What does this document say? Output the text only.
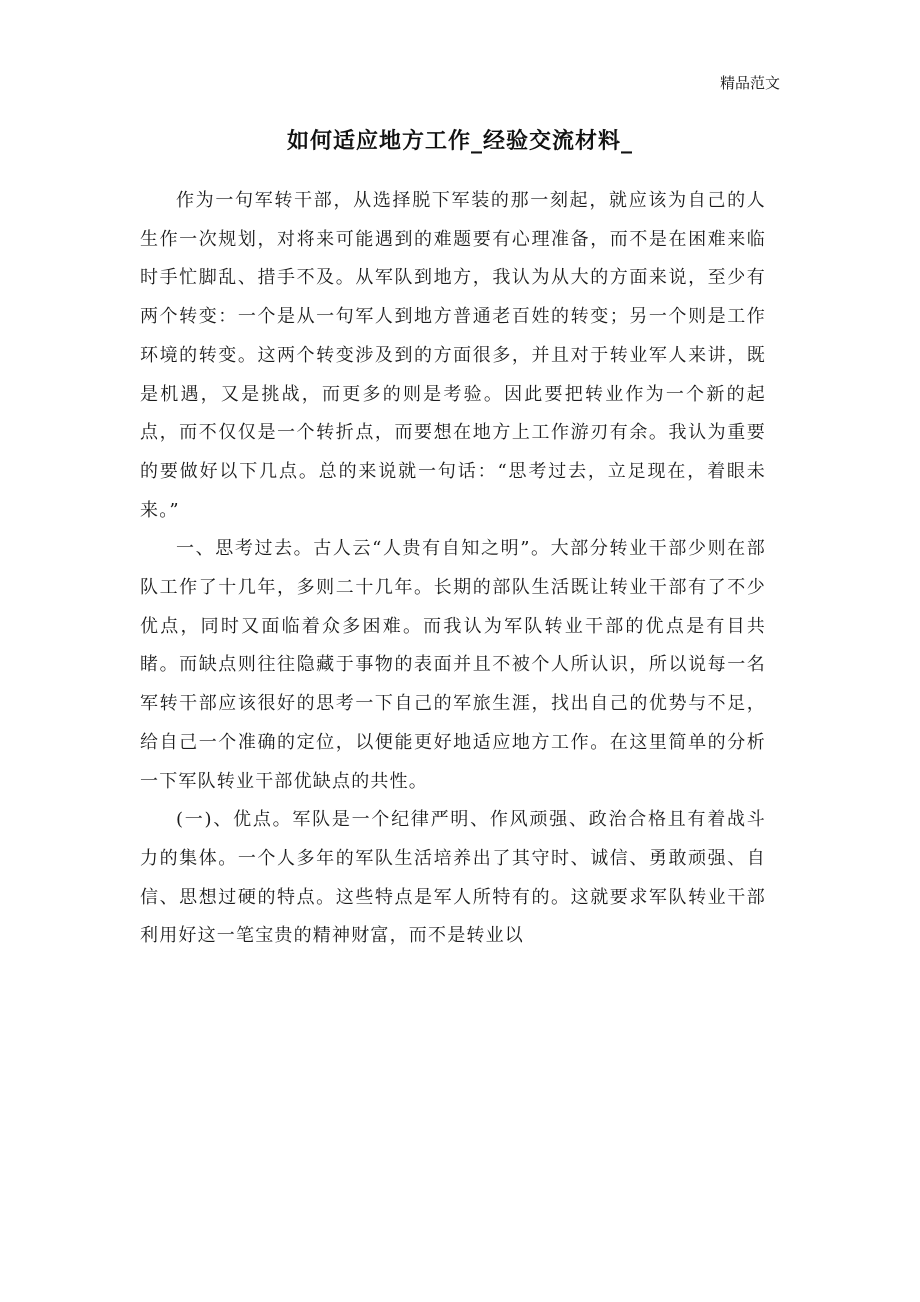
精品范文
如何适应地方工作_经验交流材料_

作为一句军转干部，从选择脱下军装的那一刻起，就应该为自己的人生作一次规划，对将来可能遇到的难题要有心理准备，而不是在困难来临时手忙脚乱、措手不及。从军队到地方，我认为从大的方面来说，至少有两个转变：一个是从一句军人到地方普通老百姓的转变；另一个则是工作环境的转变。这两个转变涉及到的方面很多，并且对于转业军人来讲，既是机遇，又是挑战，而更多的则是考验。因此要把转业作为一个新的起点，而不仅仅是一个转折点，而要想在地方上工作游刃有余。我认为重要的要做好以下几点。总的来说就一句话：“思考过去，立足现在，着眼未来。”

一、思考过去。古人云“人贵有自知之明”。大部分转业干部少则在部队工作了十几年，多则二十几年。长期的部队生活既让转业干部有了不少优点，同时又面临着众多困难。而我认为军队转业干部的优点是有目共睹。而缺点则往往隐藏于事物的表面并且不被个人所认识，所以说每一名军转干部应该很好的思考一下自己的军旅生涯，找出自己的优势与不足，给自己一个准确的定位，以便能更好地适应地方工作。在这里简单的分析一下军队转业干部优缺点的共性。

(一)、优点。军队是一个纪律严明、作风顽强、政治合格且有着战斗力的集体。一个人多年的军队生活培养出了其守时、诚信、勇敢顽强、自信、思想过硬的特点。这些特点是军人所特有的。这就要求军队转业干部利用好这一笔宝贵的精神财富，而不是转业以
